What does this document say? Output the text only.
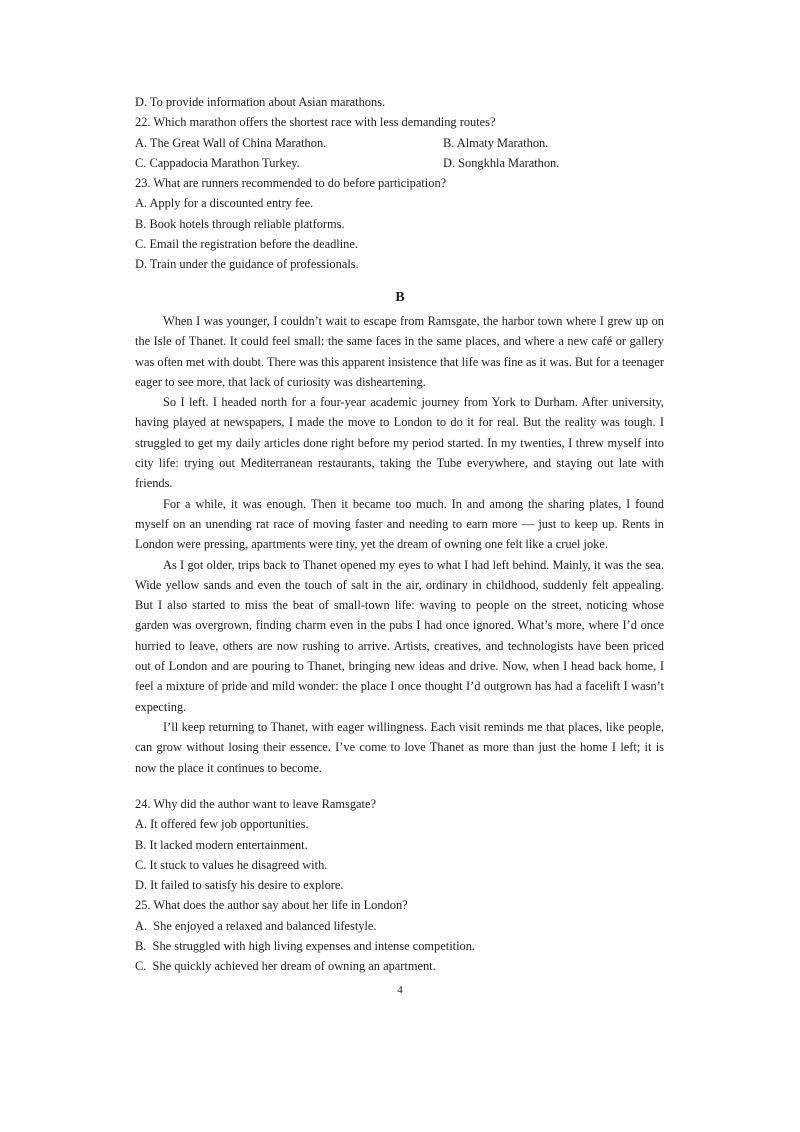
D. To provide information about Asian marathons.
22. Which marathon offers the shortest race with less demanding routes?
A. The Great Wall of China Marathon.	B. Almaty Marathon.
C. Cappadocia Marathon Turkey.	D. Songkhla Marathon.
23. What are runners recommended to do before participation?
A. Apply for a discounted entry fee.
B. Book hotels through reliable platforms.
C. Email the registration before the deadline.
D. Train under the guidance of professionals.
B

When I was younger, I couldn’t wait to escape from Ramsgate, the harbor town where I grew up on the Isle of Thanet. It could feel small: the same faces in the same places, and where a new café or gallery was often met with doubt. There was this apparent insistence that life was fine as it was. But for a teenager eager to see more, that lack of curiosity was disheartening.

So I left. I headed north for a four-year academic journey from York to Durham. After university, having played at newspapers, I made the move to London to do it for real. But the reality was tough. I struggled to get my daily articles done right before my period started. In my twenties, I threw myself into city life: trying out Mediterranean restaurants, taking the Tube everywhere, and staying out late with friends.

For a while, it was enough. Then it became too much. In and among the sharing plates, I found myself on an unending rat race of moving faster and needing to earn more — just to keep up. Rents in London were pressing, apartments were tiny, yet the dream of owning one felt like a cruel joke.

As I got older, trips back to Thanet opened my eyes to what I had left behind. Mainly, it was the sea. Wide yellow sands and even the touch of salt in the air, ordinary in childhood, suddenly felt appealing. But I also started to miss the beat of small-town life: waving to people on the street, noticing whose garden was overgrown, finding charm even in the pubs I had once ignored. What’s more, where I’d once hurried to leave, others are now rushing to arrive. Artists, creatives, and technologists have been priced out of London and are pouring to Thanet, bringing new ideas and drive. Now, when I head back home, I feel a mixture of pride and mild wonder: the place I once thought I’d outgrown has had a facelift I wasn’t expecting.

I’ll keep returning to Thanet, with eager willingness. Each visit reminds me that places, like people, can grow without losing their essence. I’ve come to love Thanet as more than just the home I left; it is now the place it continues to become.

24. Why did the author want to leave Ramsgate?
A. It offered few job opportunities.
B. It lacked modern entertainment.
C. It stuck to values he disagreed with.
D. It failed to satisfy his desire to explore.
25. What does the author say about her life in London?
A.  She enjoyed a relaxed and balanced lifestyle.
B.  She struggled with high living expenses and intense competition.
C.  She quickly achieved her dream of owning an apartment.
4
